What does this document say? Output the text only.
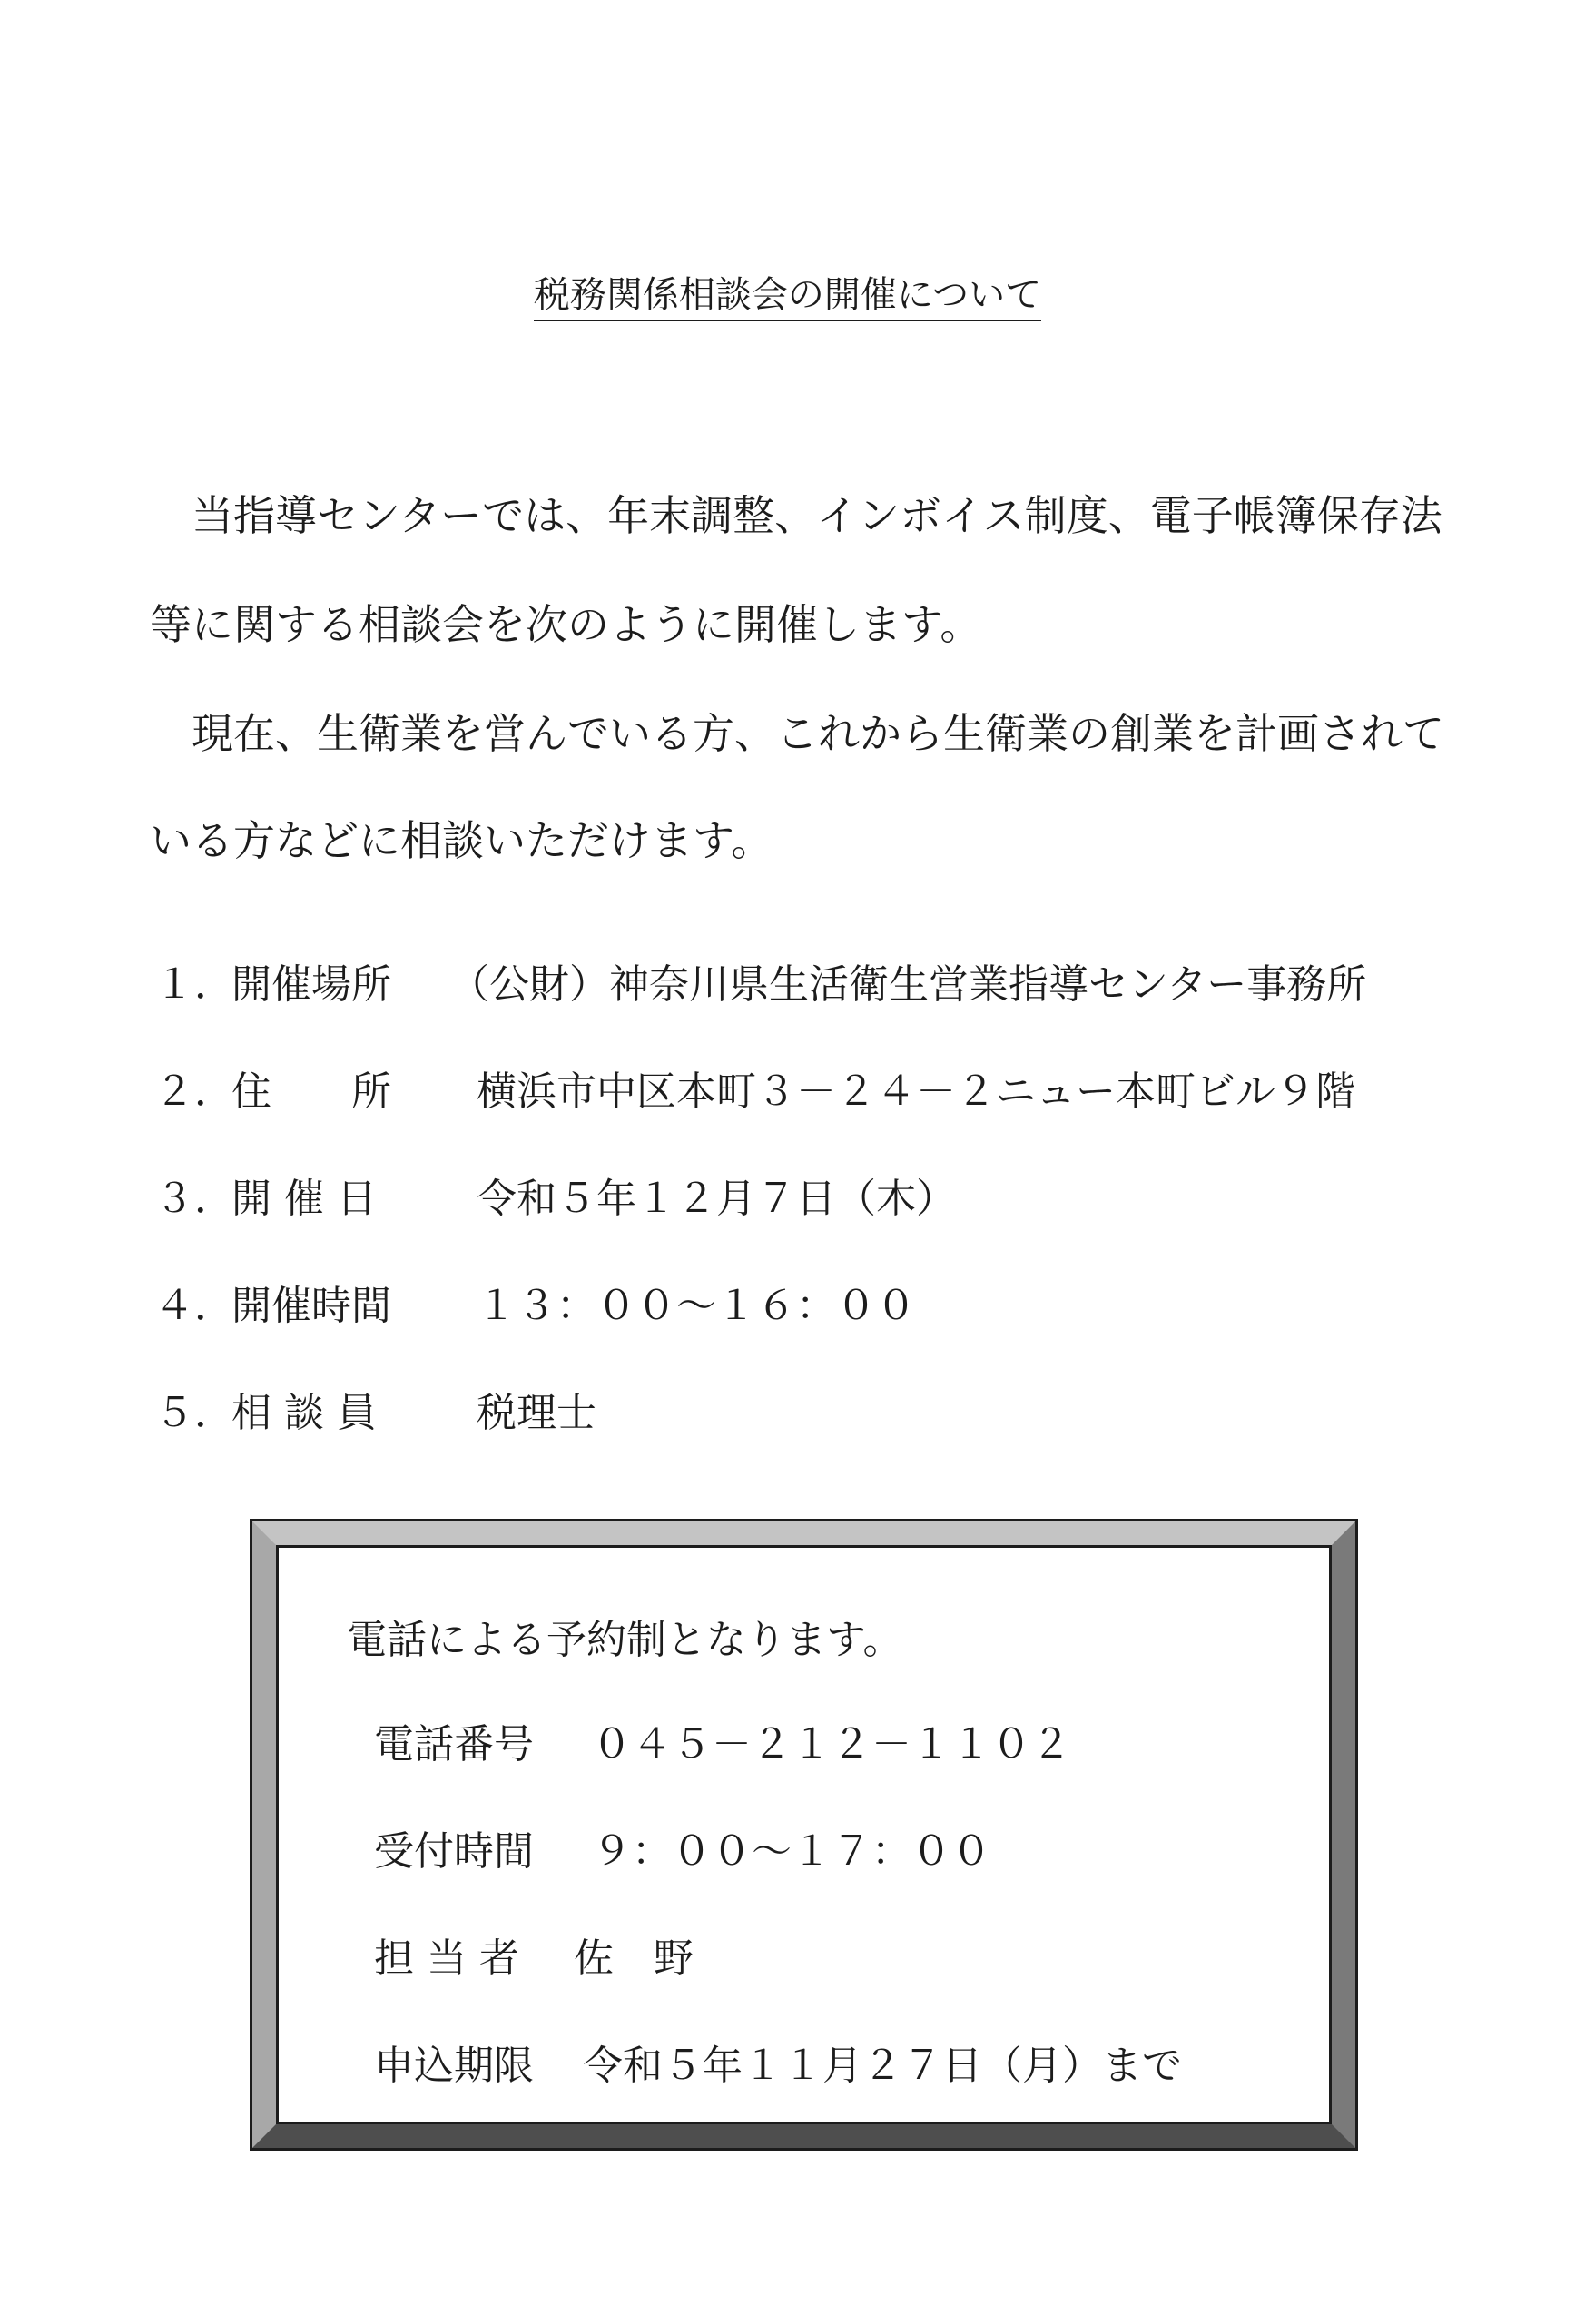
税務関係相談会の開催について
　当指導センターでは、年末調整、インボイス制度、電子帳簿保存法
等に関する相談会を次のように開催します。
　現在、生衛業を営んでいる方、これから生衛業の創業を計画されて
いる方などに相談いただけます。
１．
開催場所 （公財）神奈川県生活衛生営業指導センター事務所
２．
住　　所 横浜市中区本町３－２４－２ニュー本町ビル９階
３．
開 催 日	令和５年１２月７日（木）
４．
開催時間 １３：００～１６：００
５．
相 談 員	税理士
電話による予約制となります。
電話番号 ０４５－２１２－１１０２
受付時間 ９：００～１７：００
担 当 者 佐　野
申込期限 令和５年１１月２７日（月）まで
